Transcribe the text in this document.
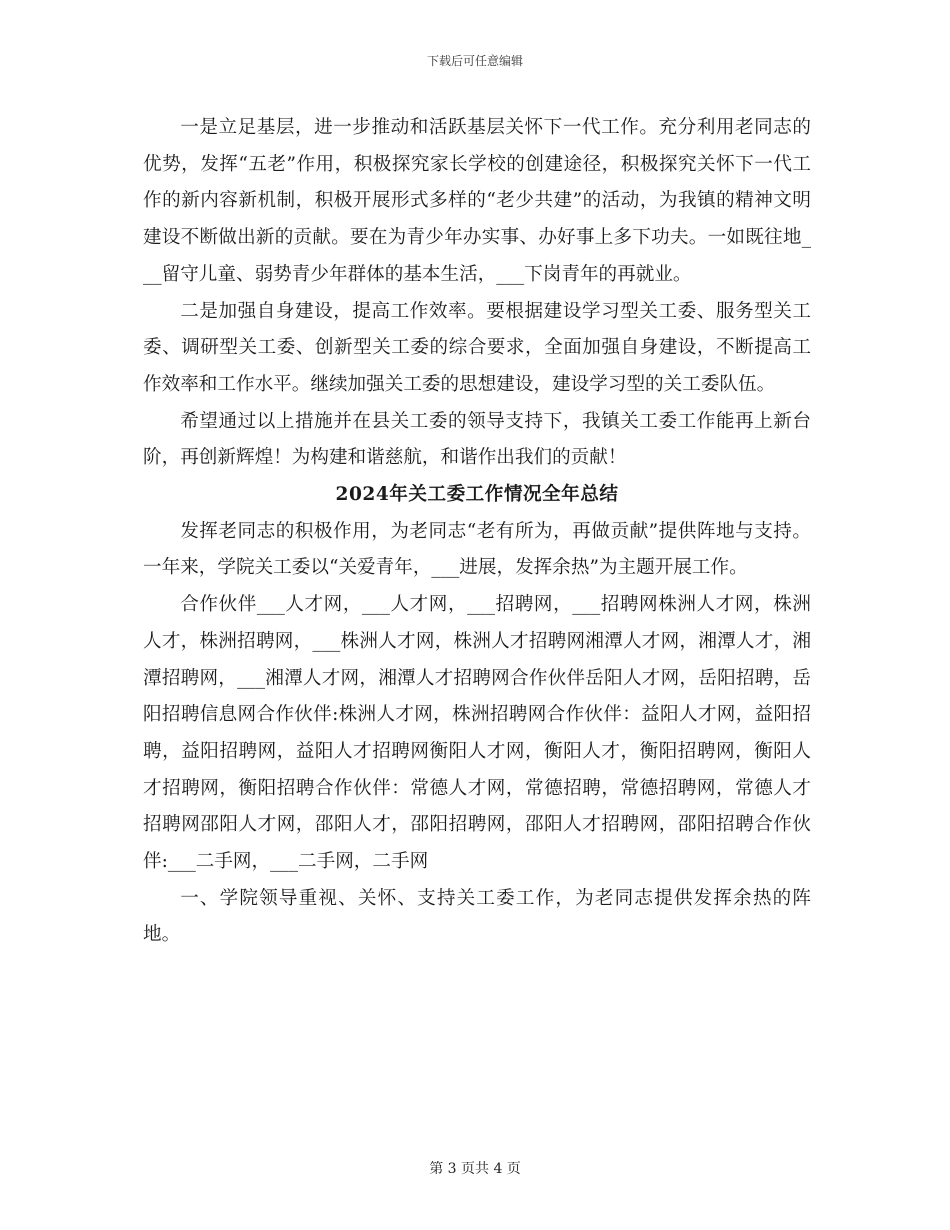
下载后可任意编辑

一是立足基层，进一步推动和活跃基层关怀下一代工作。充分利用老同志的优势，发挥“五老”作用，积极探究家长学校的创建途径，积极探究关怀下一代工作的新内容新机制，积极开展形式多样的“老少共建”的活动，为我镇的精神文明建设不断做出新的贡献。要在为青少年办实事、办好事上多下功夫。一如既往地___留守儿童、弱势青少年群体的基本生活，___下岗青年的再就业。

二是加强自身建设，提高工作效率。要根据建设学习型关工委、服务型关工委、调研型关工委、创新型关工委的综合要求，全面加强自身建设，不断提高工作效率和工作水平。继续加强关工委的思想建设，建设学习型的关工委队伍。

希望通过以上措施并在县关工委的领导支持下，我镇关工委工作能再上新台阶，再创新辉煌！为构建和谐慈航，和谐作出我们的贡献！

2024年关工委工作情况全年总结

发挥老同志的积极作用，为老同志“老有所为，再做贡献”提供阵地与支持。一年来，学院关工委以“关爱青年，___进展，发挥余热”为主题开展工作。

合作伙伴___人才网，___人才网，___招聘网，___招聘网株洲人才网，株洲人才，株洲招聘网，___株洲人才网，株洲人才招聘网湘潭人才网，湘潭人才，湘潭招聘网，___湘潭人才网，湘潭人才招聘网合作伙伴岳阳人才网，岳阳招聘，岳阳招聘信息网合作伙伴:株洲人才网，株洲招聘网合作伙伴：益阳人才网，益阳招聘，益阳招聘网，益阳人才招聘网衡阳人才网，衡阳人才，衡阳招聘网，衡阳人才招聘网，衡阳招聘合作伙伴：常德人才网，常德招聘，常德招聘网，常德人才招聘网邵阳人才网，邵阳人才，邵阳招聘网，邵阳人才招聘网，邵阳招聘合作伙伴:___二手网，___二手网，二手网

一、学院领导重视、关怀、支持关工委工作，为老同志提供发挥余热的阵地。

第 3 页共 4 页
